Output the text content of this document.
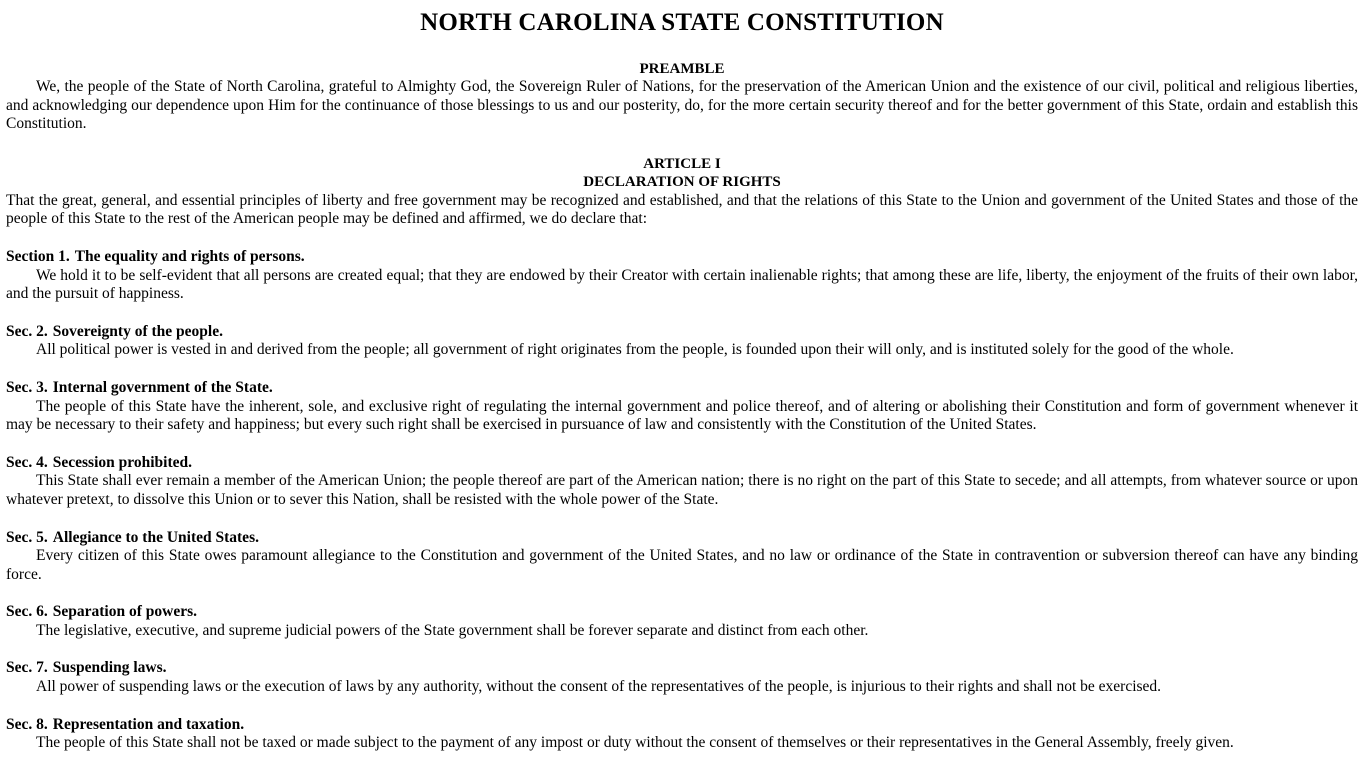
NORTH CAROLINA STATE CONSTITUTION
PREAMBLE

We, the people of the State of North Carolina, grateful to Almighty God, the Sovereign Ruler of Nations, for the preservation of the American Union and the existence of our civil, political and religious liberties, and acknowledging our dependence upon Him for the continuance of those blessings to us and our posterity, do, for the more certain security thereof and for the better government of this State, ordain and establish this Constitution.

ARTICLE I
DECLARATION OF RIGHTS

That the great, general, and essential principles of liberty and free government may be recognized and established, and that the relations of this State to the Union and government of the United States and those of the people of this State to the rest of the American people may be defined and affirmed, we do declare that:

Section 1. The equality and rights of persons.

We hold it to be self-evident that all persons are created equal; that they are endowed by their Creator with certain inalienable rights; that among these are life, liberty, the enjoyment of the fruits of their own labor, and the pursuit of happiness.

Sec. 2. Sovereignty of the people.

All political power is vested in and derived from the people; all government of right originates from the people, is founded upon their will only, and is instituted solely for the good of the whole.

Sec. 3. Internal government of the State.

The people of this State have the inherent, sole, and exclusive right of regulating the internal government and police thereof, and of altering or abolishing their Constitution and form of government whenever it may be necessary to their safety and happiness; but every such right shall be exercised in pursuance of law and consistently with the Constitution of the United States.

Sec. 4. Secession prohibited.

This State shall ever remain a member of the American Union; the people thereof are part of the American nation; there is no right on the part of this State to secede; and all attempts, from whatever source or upon whatever pretext, to dissolve this Union or to sever this Nation, shall be resisted with the whole power of the State.

Sec. 5. Allegiance to the United States.

Every citizen of this State owes paramount allegiance to the Constitution and government of the United States, and no law or ordinance of the State in contravention or subversion thereof can have any binding force.

Sec. 6. Separation of powers.

The legislative, executive, and supreme judicial powers of the State government shall be forever separate and distinct from each other.

Sec. 7. Suspending laws.

All power of suspending laws or the execution of laws by any authority, without the consent of the representatives of the people, is injurious to their rights and shall not be exercised.

Sec. 8. Representation and taxation.

The people of this State shall not be taxed or made subject to the payment of any impost or duty without the consent of themselves or their representatives in the General Assembly, freely given.
